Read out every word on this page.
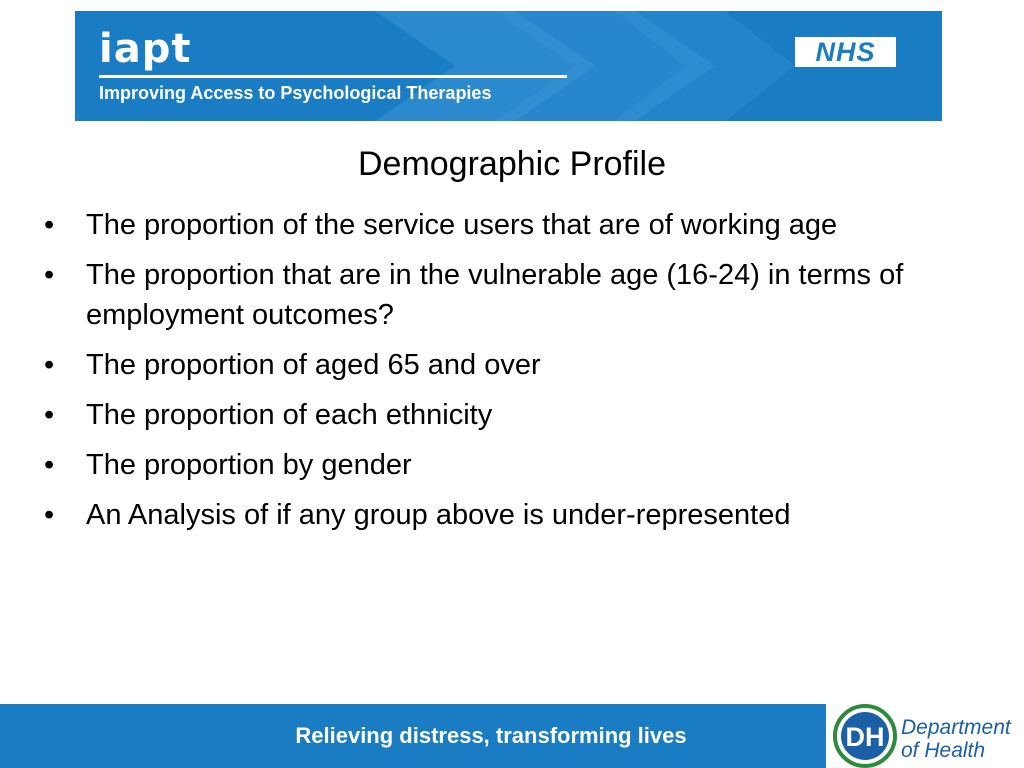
iapt
Improving Access to Psychological Therapies
NHS
Demographic Profile
• The proportion of the service users that are of working age
• The proportion that are in the vulnerable age (16-24) in terms of employment outcomes?
• The proportion of aged 65 and over
• The proportion of each ethnicity
• The proportion by gender
• An Analysis of if any group above is under-represented
Relieving distress, transforming lives	DH Department
of Health
